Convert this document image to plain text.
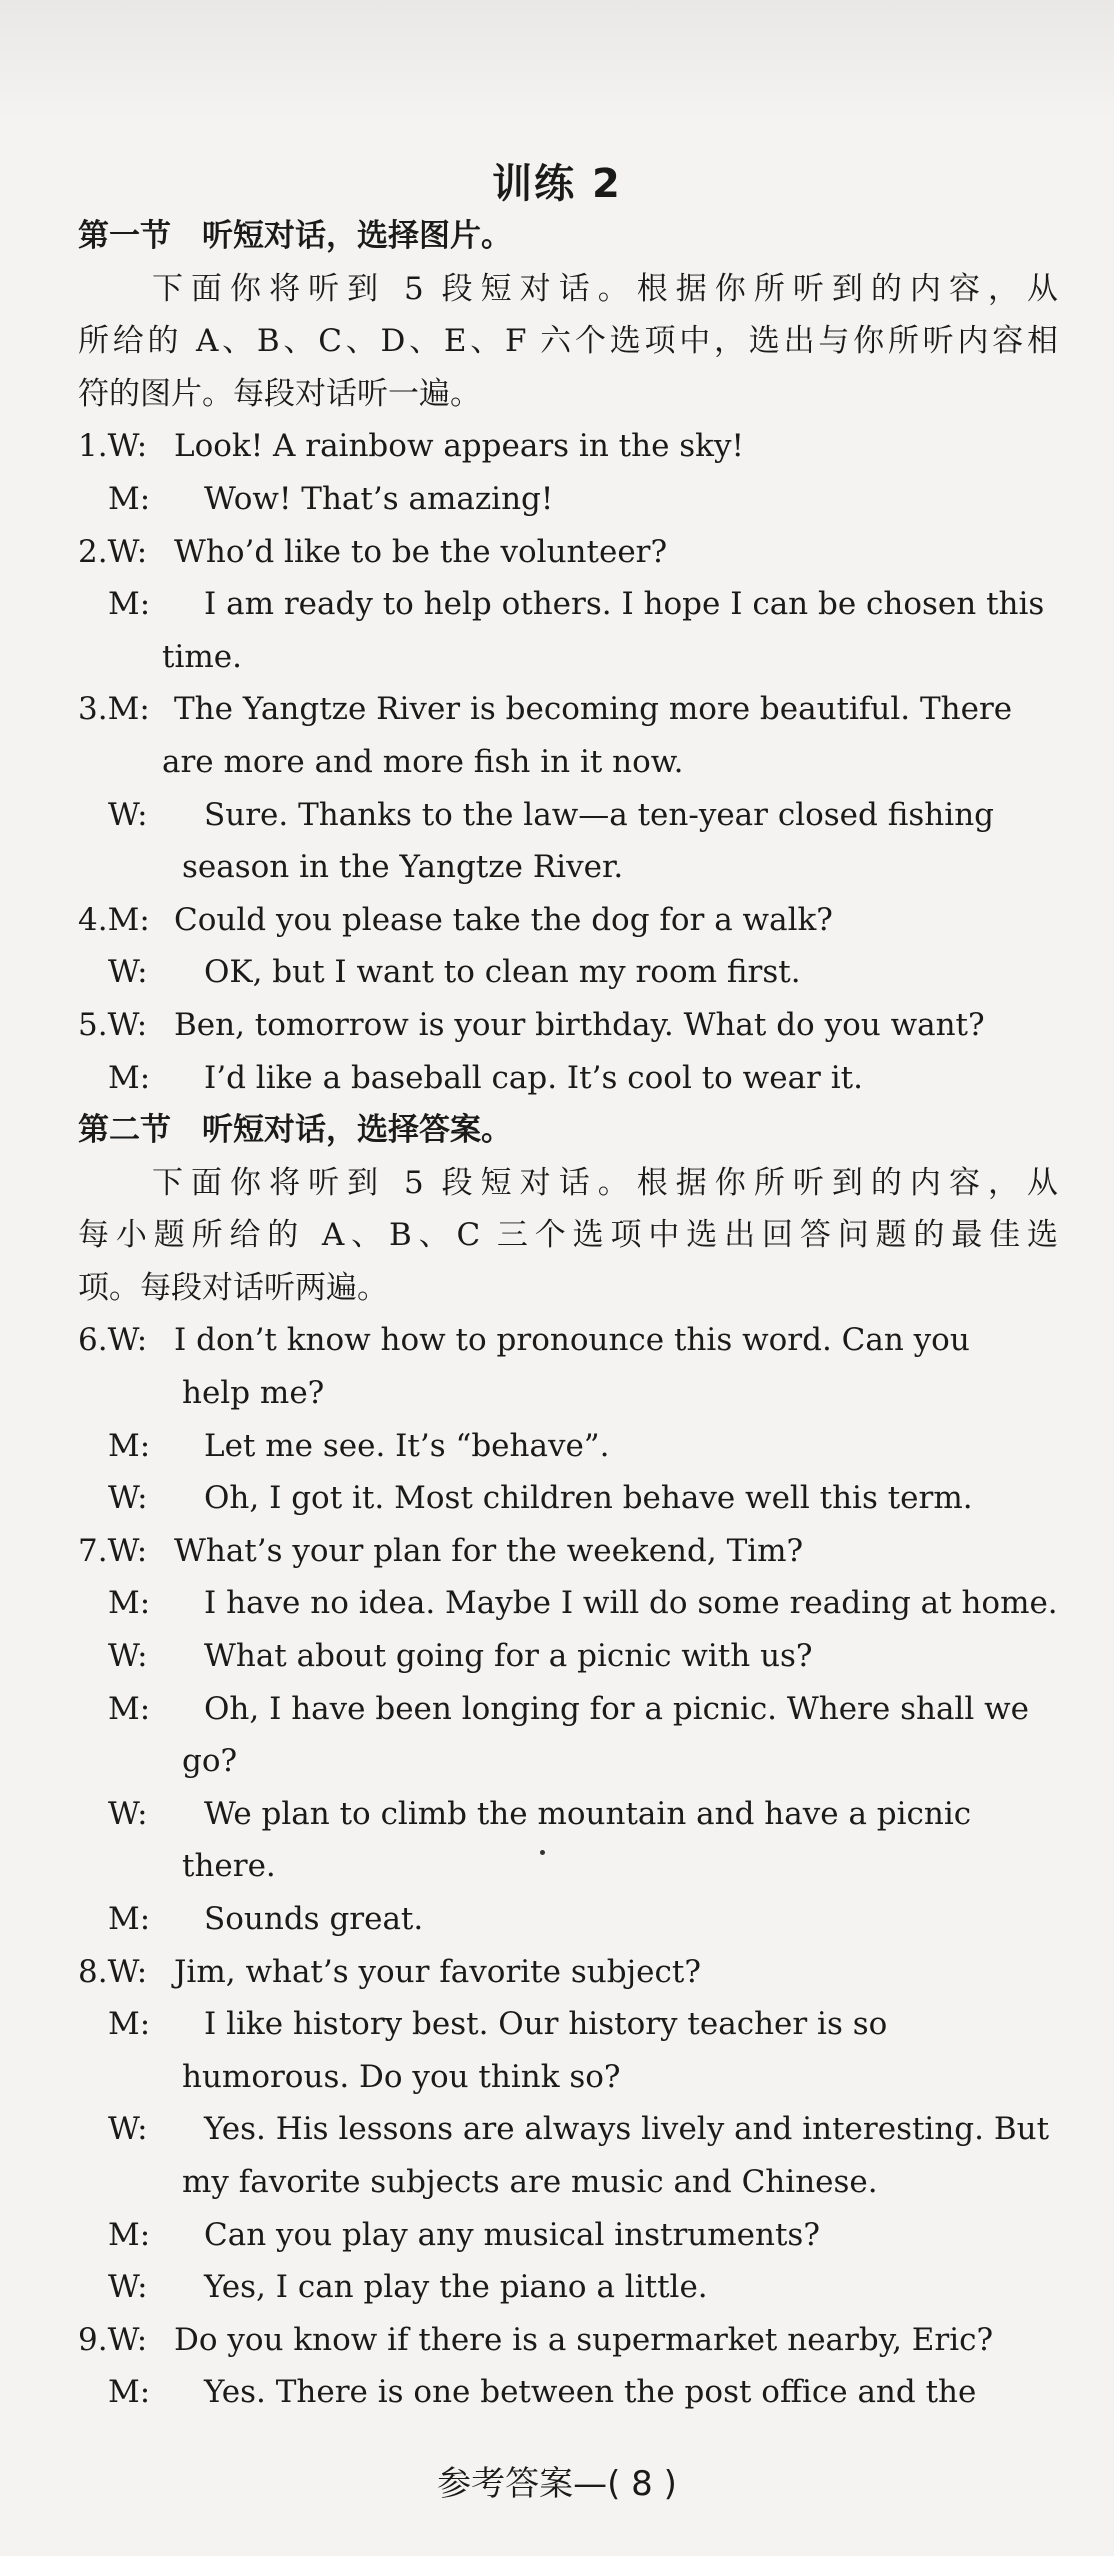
训练 2
第一节　听短对话，选择图片。
下面你将听到 5 段短对话。根据你所听到的内容，从
所给的 A、B、C、D、E、F 六个选项中，选出与你所听内容相
符的图片。每段对话听一遍。
1.W: Look! A rainbow appears in the sky!
M: Wow! That’s amazing!
2.W: Who’d like to be the volunteer?
M: I am ready to help others. I hope I can be chosen this
time.
3.M: The Yangtze River is becoming more beautiful. There
are more and more fish in it now.
W: Sure. Thanks to the law—a ten-year closed fishing
season in the Yangtze River.
4.M: Could you please take the dog for a walk?
W: OK, but I want to clean my room first.
5.W: Ben, tomorrow is your birthday. What do you want?
M: I’d like a baseball cap. It’s cool to wear it.
第二节　听短对话，选择答案。
下面你将听到 5 段短对话。根据你所听到的内容，从
每小题所给的 A、B、C 三个选项中选出回答问题的最佳选
项。每段对话听两遍。
6.W: I don’t know how to pronounce this word. Can you
help me?
M: Let me see. It’s “behave”.
W: Oh, I got it. Most children behave well this term.
7.W: What’s your plan for the weekend, Tim?
M: I have no idea. Maybe I will do some reading at home.
W: What about going for a picnic with us?
M: Oh, I have been longing for a picnic. Where shall we
go?
W: We plan to climb the mountain and have a picnic
there.
M: Sounds great.
8.W: Jim, what’s your favorite subject?
M: I like history best. Our history teacher is so
humorous. Do you think so?
W: Yes. His lessons are always lively and interesting. But
my favorite subjects are music and Chinese.
M: Can you play any musical instruments?
W: Yes, I can play the piano a little.
9.W: Do you know if there is a supermarket nearby, Eric?
M: Yes. There is one between the post office and the
参考答案—( 8 )
